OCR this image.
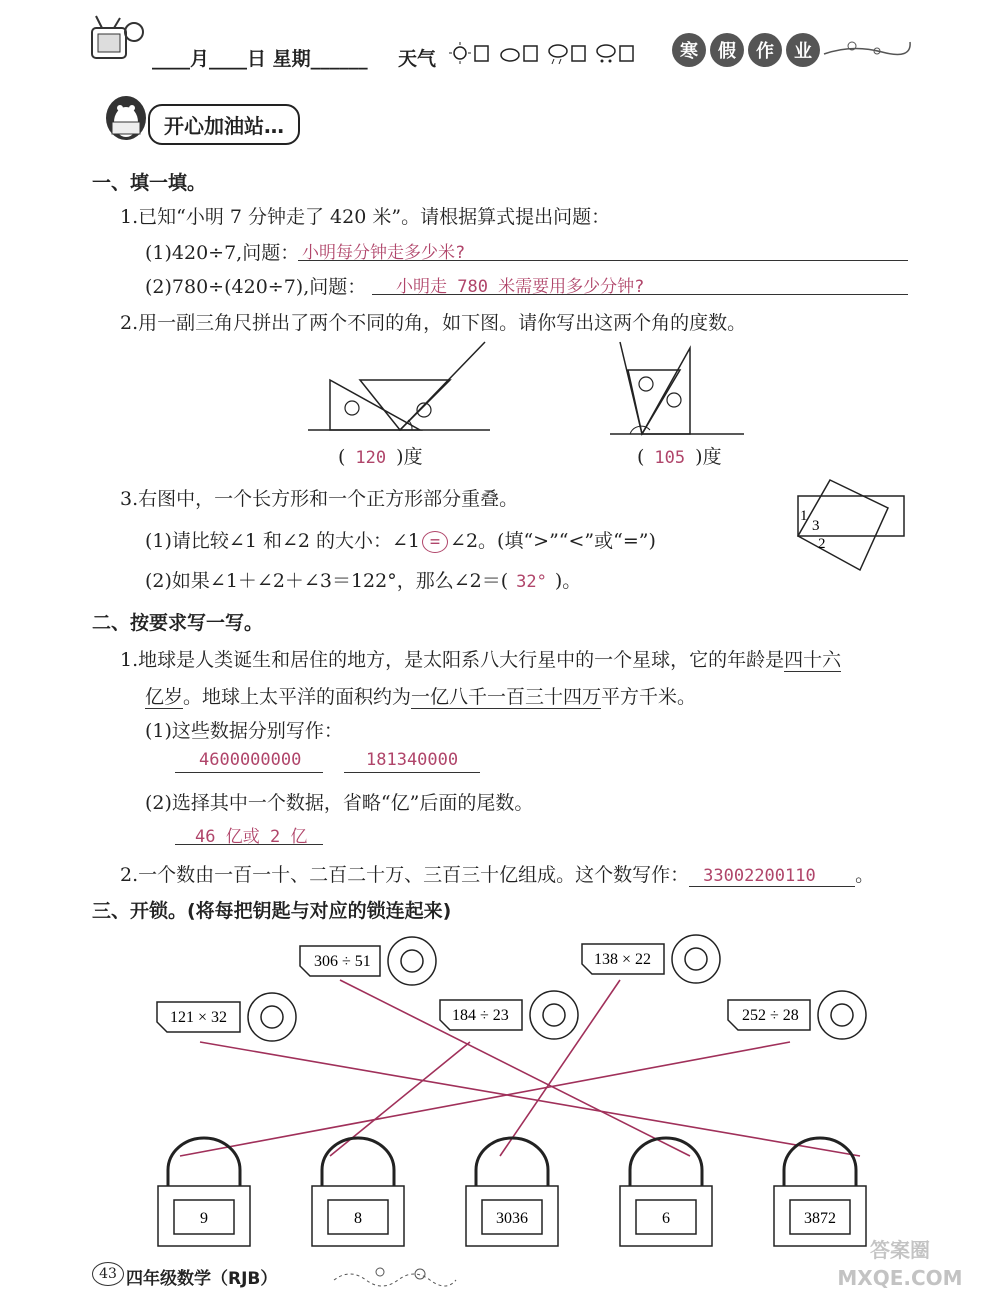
____月____日 星期______ 天气	寒	假	作	业
开心加油站…
一、填一填。
1.已知“小明 7 分钟走了 420 米”。请根据算式提出问题：
(1)420÷7,问题： 小明每分钟走多少米?
(2)780÷(420÷7),问题：	小明走 780 米需要用多少分钟?
2.用一副三角尺拼出了两个不同的角，如下图。请你写出这两个角的度数。
( 120 )度	( 105 )度
3.右图中，一个长方形和一个正方形部分重叠。
(1)请比较∠1 和∠2 的大小：∠1 = ∠2。(填“>”“<”或“=”)
(2)如果∠1＋∠2＋∠3＝122°，那么∠2＝( 32° )。
1
3
2
二、按要求写一写。
1.地球是人类诞生和居住的地方，是太阳系八大行星中的一个星球，它的年龄是四十六
亿岁。地球上太平洋的面积约为一亿八千一百三十四万平方千米。
(1)这些数据分别写作：
4600000000	181340000
(2)选择其中一个数据，省略“亿”后面的尾数。
46 亿或 2 亿
2.一个数由一百一十、二百二十万、三百三十亿组成。这个数写作： 33002200110 。
三、开锁。(将每把钥匙与对应的锁连起来)
306 ÷ 51	138 × 22
121 × 32	184 ÷ 23	252 ÷ 28
9	8	3036	6	3872
43 四年级数学（RJB）
答案圈 MXQE.COM
